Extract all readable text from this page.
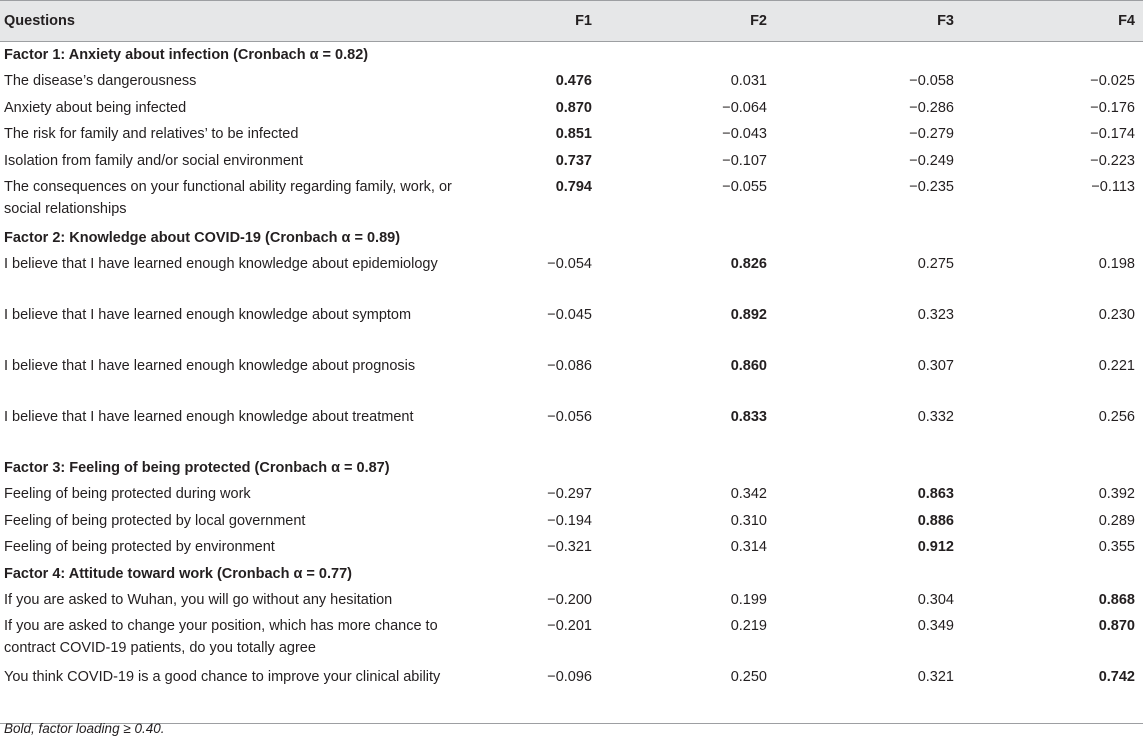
Questions	F1	F2	F3	F4
Factor 1: Anxiety about infection (Cronbach α = 0.82)				
The disease’s dangerousness	0.476	0.031	−0.058	−0.025
Anxiety about being infected	0.870	−0.064	−0.286	−0.176
The risk for family and relatives’ to be infected	0.851	−0.043	−0.279	−0.174
Isolation from family and/or social environment	0.737	−0.107	−0.249	−0.223
The consequences on your functional ability regarding family, work, or social relationships	0.794	−0.055	−0.235	−0.113
Factor 2: Knowledge about COVID-19 (Cronbach α = 0.89)				
I believe that I have learned enough knowledge about epidemiology	−0.054	0.826	0.275	0.198
I believe that I have learned enough knowledge about symptom	−0.045	0.892	0.323	0.230
I believe that I have learned enough knowledge about prognosis	−0.086	0.860	0.307	0.221
I believe that I have learned enough knowledge about treatment	−0.056	0.833	0.332	0.256
Factor 3: Feeling of being protected (Cronbach α = 0.87)				
Feeling of being protected during work	−0.297	0.342	0.863	0.392
Feeling of being protected by local government	−0.194	0.310	0.886	0.289
Feeling of being protected by environment	−0.321	0.314	0.912	0.355
Factor 4: Attitude toward work (Cronbach α = 0.77)				
If you are asked to Wuhan, you will go without any hesitation	−0.200	0.199	0.304	0.868
If you are asked to change your position, which has more chance to contract COVID-19 patients, do you totally agree	−0.201	0.219	0.349	0.870
You think COVID-19 is a good chance to improve your clinical ability	−0.096	0.250	0.321	0.742
Bold, factor loading ≥ 0.40.
